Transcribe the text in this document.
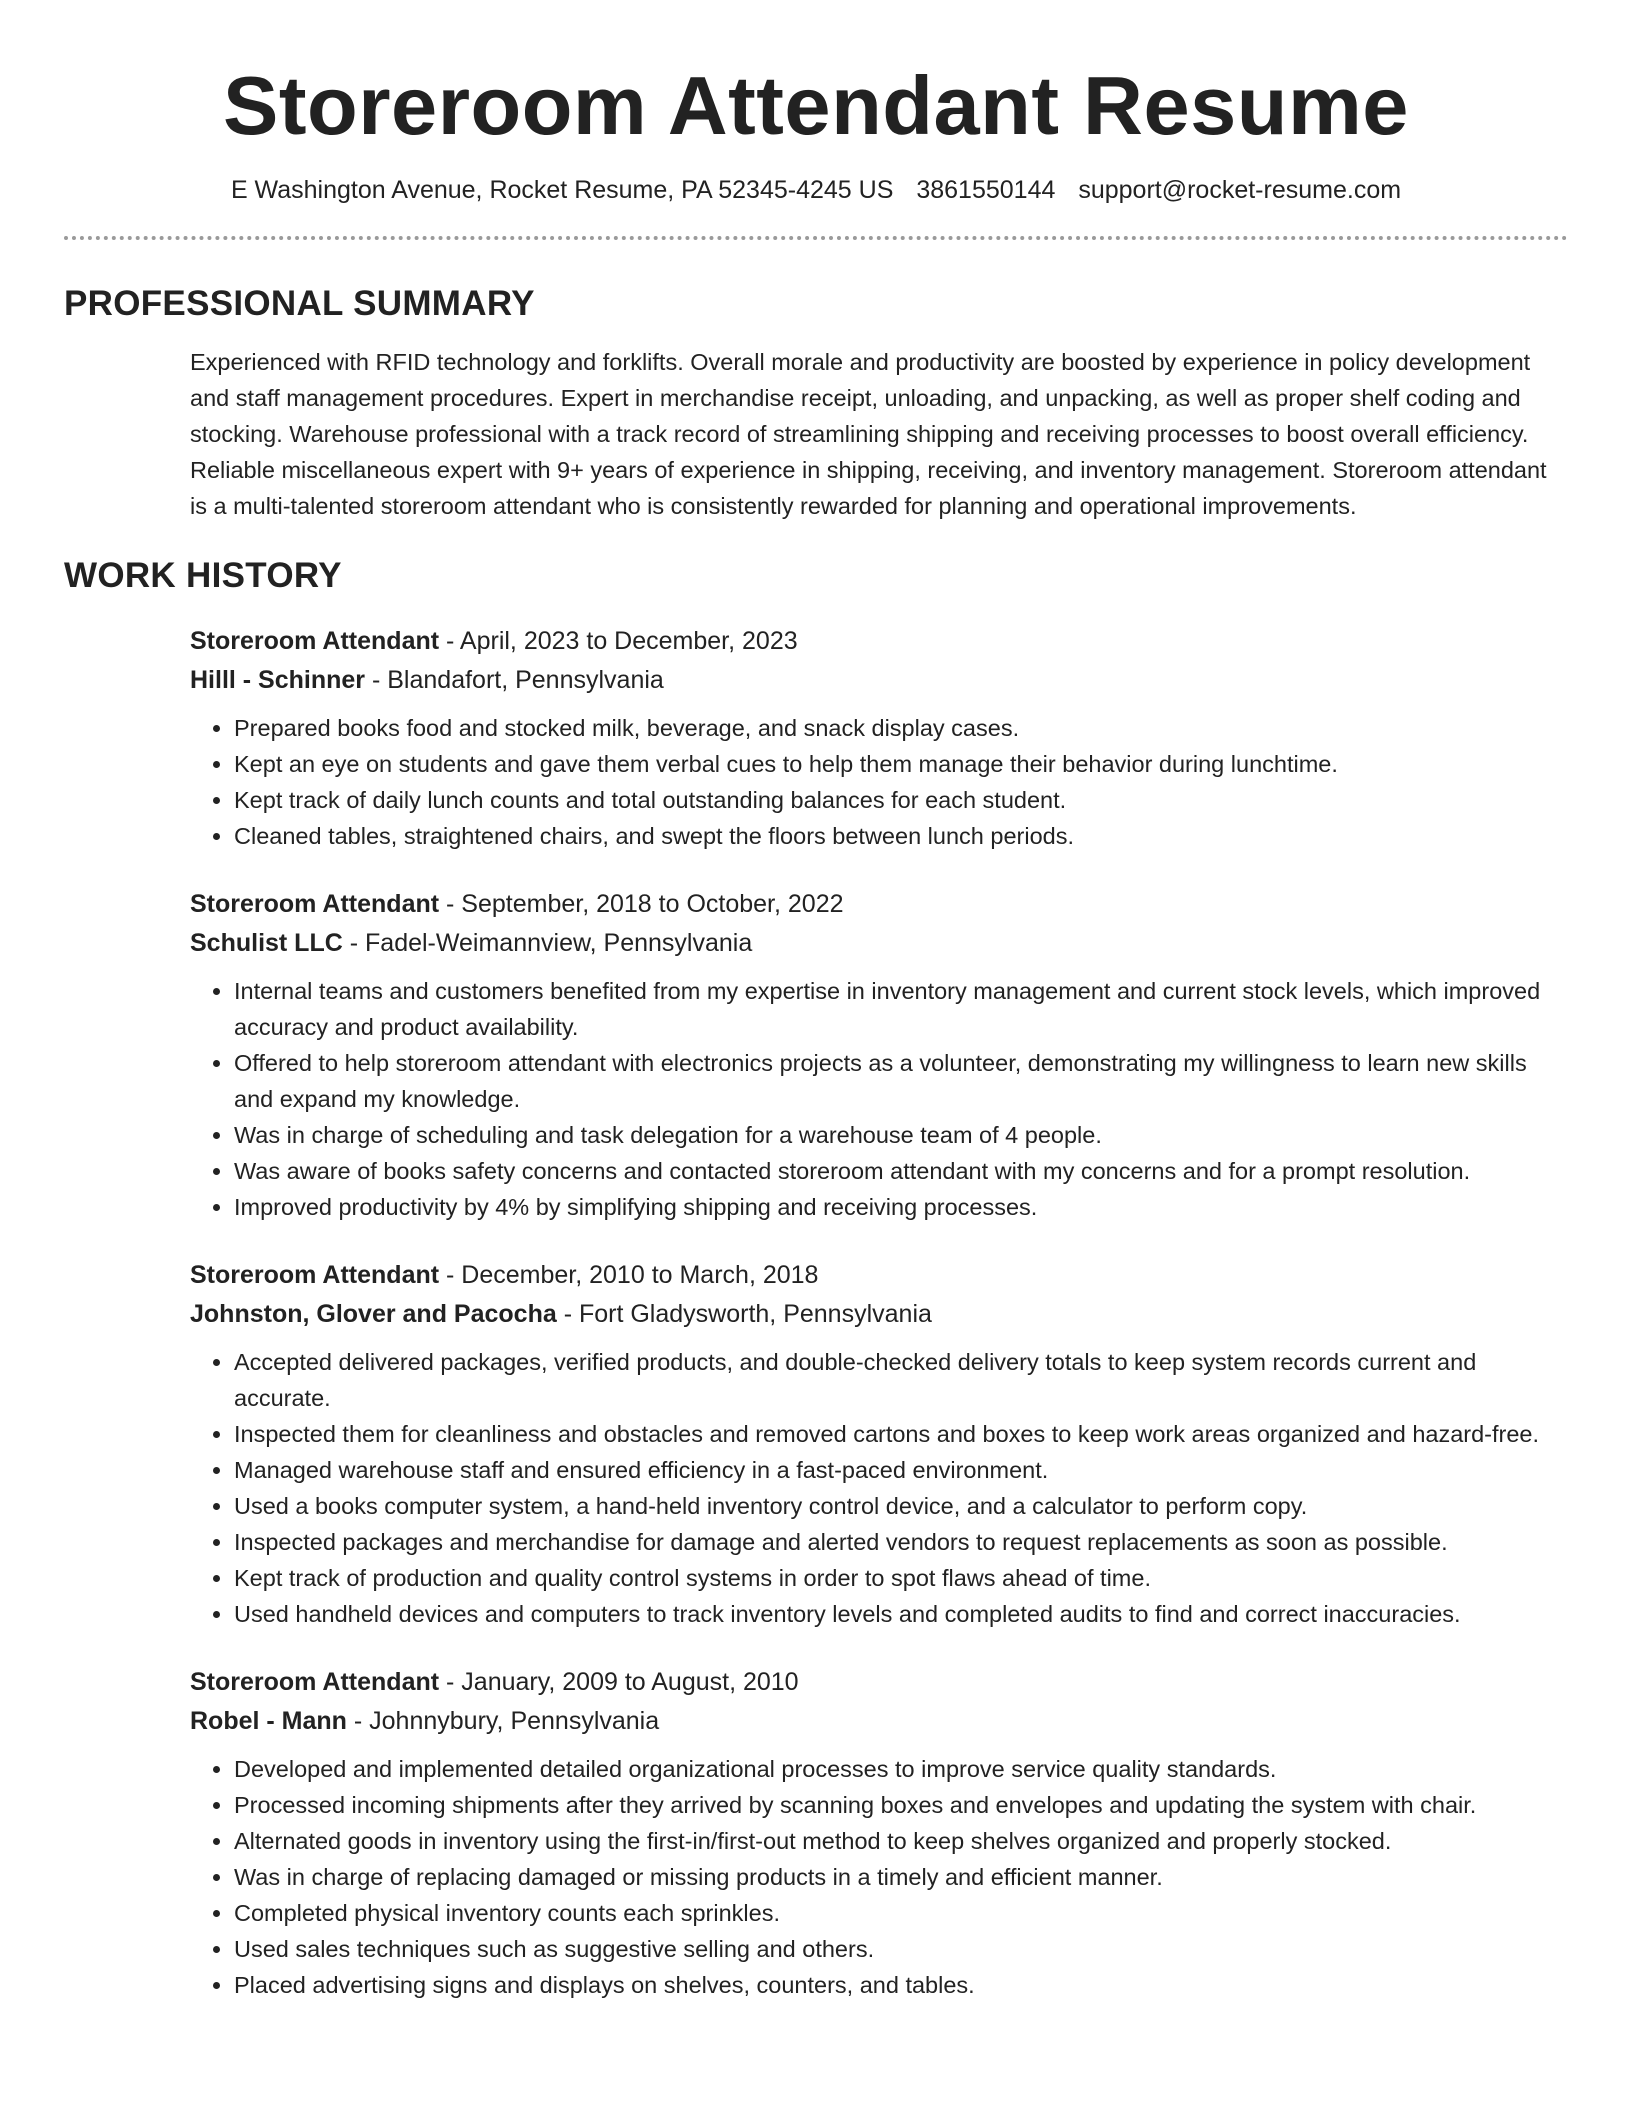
Storeroom Attendant Resume
E Washington Avenue, Rocket Resume, PA 52345-4245 US 3861550144 support@rocket-resume.com
PROFESSIONAL SUMMARY

Experienced with RFID technology and forklifts. Overall morale and productivity are boosted by experience in policy development and staff management procedures. Expert in merchandise receipt, unloading, and unpacking, as well as proper shelf coding and stocking. Warehouse professional with a track record of streamlining shipping and receiving processes to boost overall efficiency. Reliable miscellaneous expert with 9+ years of experience in shipping, receiving, and inventory management. Storeroom attendant is a multi-talented storeroom attendant who is consistently rewarded for planning and operational improvements.

WORK HISTORY
Storeroom Attendant - April, 2023 to December, 2023
Hilll - Schinner - Blandafort, Pennsylvania
• Prepared books food and stocked milk, beverage, and snack display cases.
• Kept an eye on students and gave them verbal cues to help them manage their behavior during lunchtime.
• Kept track of daily lunch counts and total outstanding balances for each student.
• Cleaned tables, straightened chairs, and swept the floors between lunch periods.
Storeroom Attendant - September, 2018 to October, 2022
Schulist LLC - Fadel-Weimannview, Pennsylvania
• Internal teams and customers benefited from my expertise in inventory management and current stock levels, which improved accuracy and product availability.
• Offered to help storeroom attendant with electronics projects as a volunteer, demonstrating my willingness to learn new skills and expand my knowledge.
• Was in charge of scheduling and task delegation for a warehouse team of 4 people.
• Was aware of books safety concerns and contacted storeroom attendant with my concerns and for a prompt resolution.
• Improved productivity by 4% by simplifying shipping and receiving processes.
Storeroom Attendant - December, 2010 to March, 2018
Johnston, Glover and Pacocha - Fort Gladysworth, Pennsylvania
• Accepted delivered packages, verified products, and double-checked delivery totals to keep system records current and accurate.
• Inspected them for cleanliness and obstacles and removed cartons and boxes to keep work areas organized and hazard-free.
• Managed warehouse staff and ensured efficiency in a fast-paced environment.
• Used a books computer system, a hand-held inventory control device, and a calculator to perform copy.
• Inspected packages and merchandise for damage and alerted vendors to request replacements as soon as possible.
• Kept track of production and quality control systems in order to spot flaws ahead of time.
• Used handheld devices and computers to track inventory levels and completed audits to find and correct inaccuracies.
Storeroom Attendant - January, 2009 to August, 2010
Robel - Mann - Johnnybury, Pennsylvania
• Developed and implemented detailed organizational processes to improve service quality standards.
• Processed incoming shipments after they arrived by scanning boxes and envelopes and updating the system with chair.
• Alternated goods in inventory using the first-in/first-out method to keep shelves organized and properly stocked.
• Was in charge of replacing damaged or missing products in a timely and efficient manner.
• Completed physical inventory counts each sprinkles.
• Used sales techniques such as suggestive selling and others.
• Placed advertising signs and displays on shelves, counters, and tables.
